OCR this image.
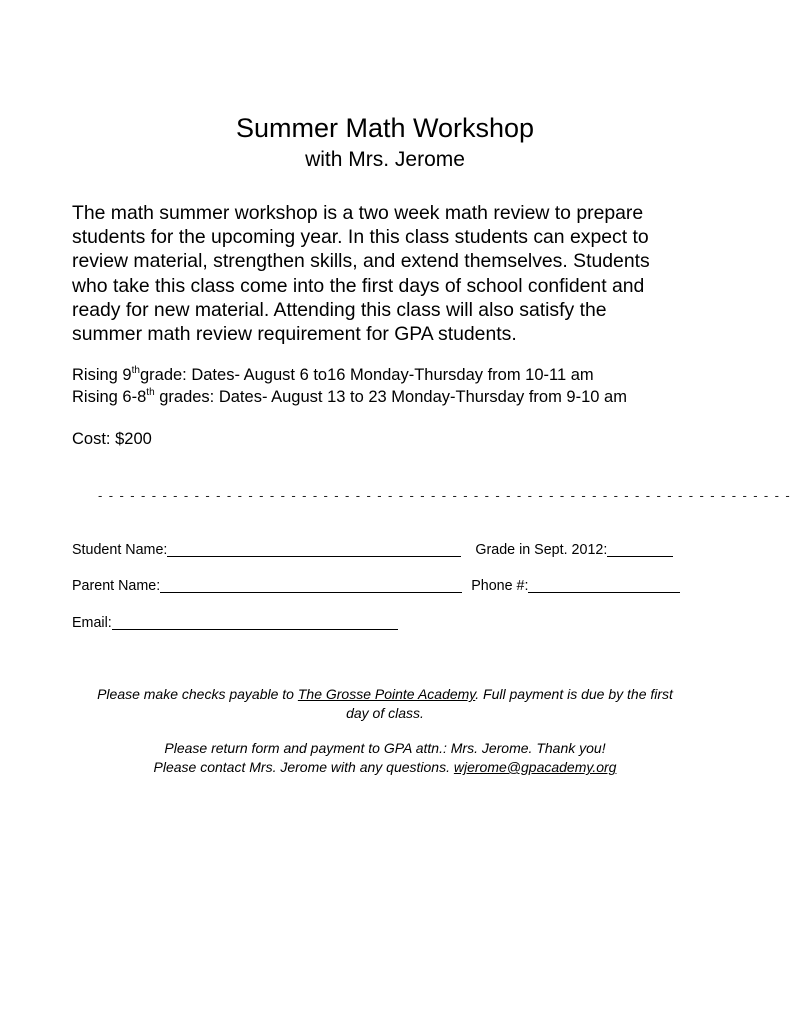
Summer Math Workshop
with Mrs. Jerome

The math summer workshop is a two week math review to prepare
students for the upcoming year. In this class students can expect to
review material, strengthen skills, and extend themselves. Students
who take this class come into the first days of school confident and
ready for new material. Attending this class will also satisfy the
summer math review requirement for GPA students.

Rising 9thgrade: Dates- August 6 to16 Monday-Thursday from 10-11 am
Rising 6-8th grades: Dates- August 13 to 23 Monday-Thursday from 9-10 am
Cost: $200
- - - - - - - - - - - - - - - - - - - - - - - - - - - - - - - - - - - - - - - - - - - - - - - - - - - - - - - - - - - - - - - - -
Student Name:	Grade in Sept. 2012:
Parent Name:	Phone #:
Email:
Please make checks payable to The Grosse Pointe Academy. Full payment is due by the first
day of class.
Please return form and payment to GPA attn.: Mrs. Jerome. Thank you!
Please contact Mrs. Jerome with any questions. wjerome@gpacademy.org
